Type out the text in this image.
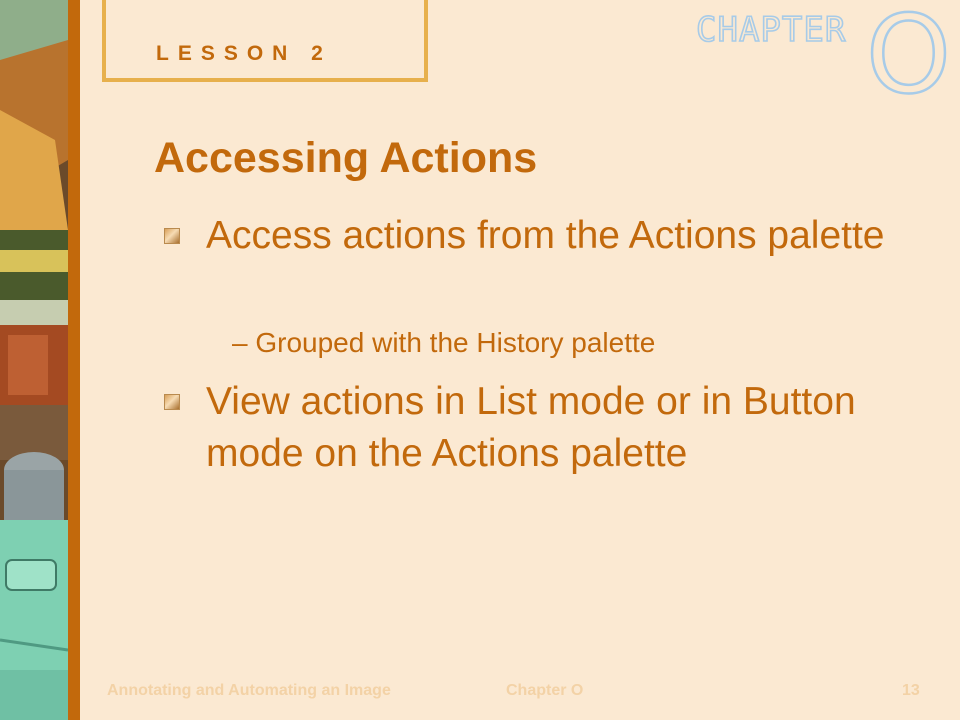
LESSON 2
CHAPTER O
Accessing Actions
Access actions from the Actions palette
– Grouped with the History palette
View actions in List mode or in Button mode on the Actions palette
Annotating and Automating an Image	Chapter O	13
